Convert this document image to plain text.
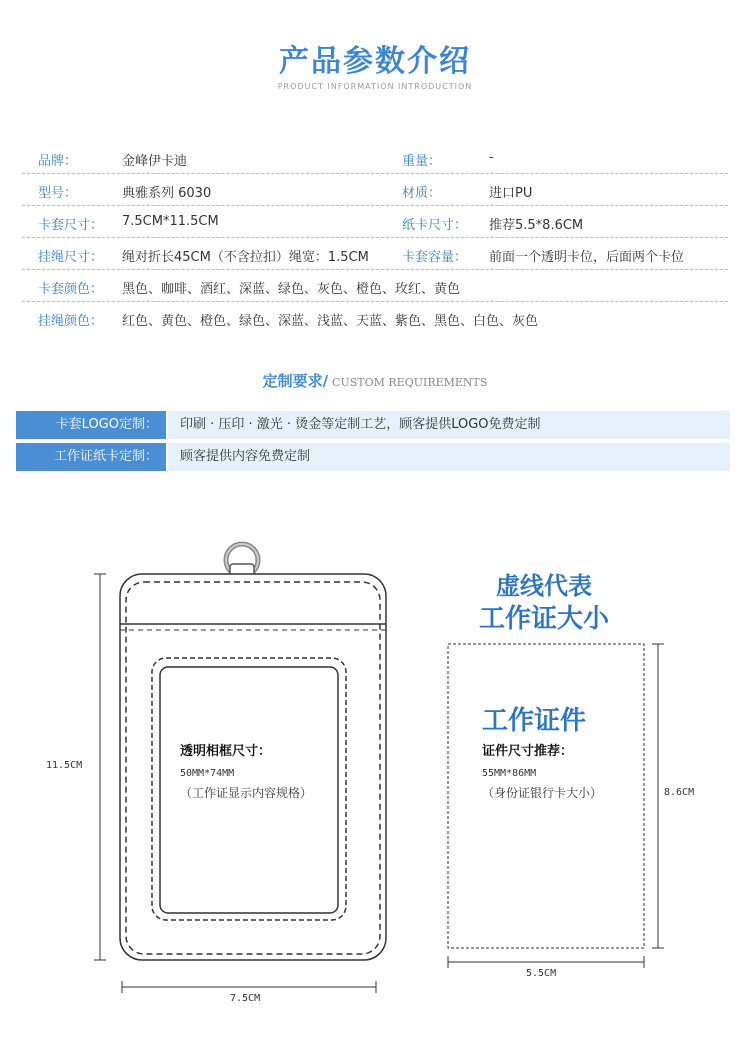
产品参数介绍
PRODUCT INFORMATION INTRODUCTION
品牌：	金峰伊卡迪	重量：	-
型号：	典雅系列 6030	材质：	进口PU
卡套尺寸： 7.5CM*11.5CM	纸卡尺寸： 推荐5.5*8.6CM
挂绳尺寸： 绳对折长45CM（不含拉扣）绳宽：1.5CM	卡套容量： 前面一个透明卡位，后面两个卡位
卡套颜色： 黑色、咖啡、酒红、深蓝、绿色、灰色、橙色、玫红、黄色
挂绳颜色： 红色、黄色、橙色、绿色、深蓝、浅蓝、天蓝、紫色、黑色、白色、灰色
定制要求/ CUSTOM REQUIREMENTS
卡套LOGO定制：	印刷 · 压印 · 激光 · 烫金等定制工艺，顾客提供LOGO免费定制
工作证纸卡定制：	顾客提供内容免费定制
透明相框尺寸：
50MM*74MM
（工作证显示内容规格）
11.5CM
7.5CM
虚线代表
工作证大小
工作证件
证件尺寸推荐：
55MM*86MM
（身份证银行卡大小）	8.6CM
5.5CM
